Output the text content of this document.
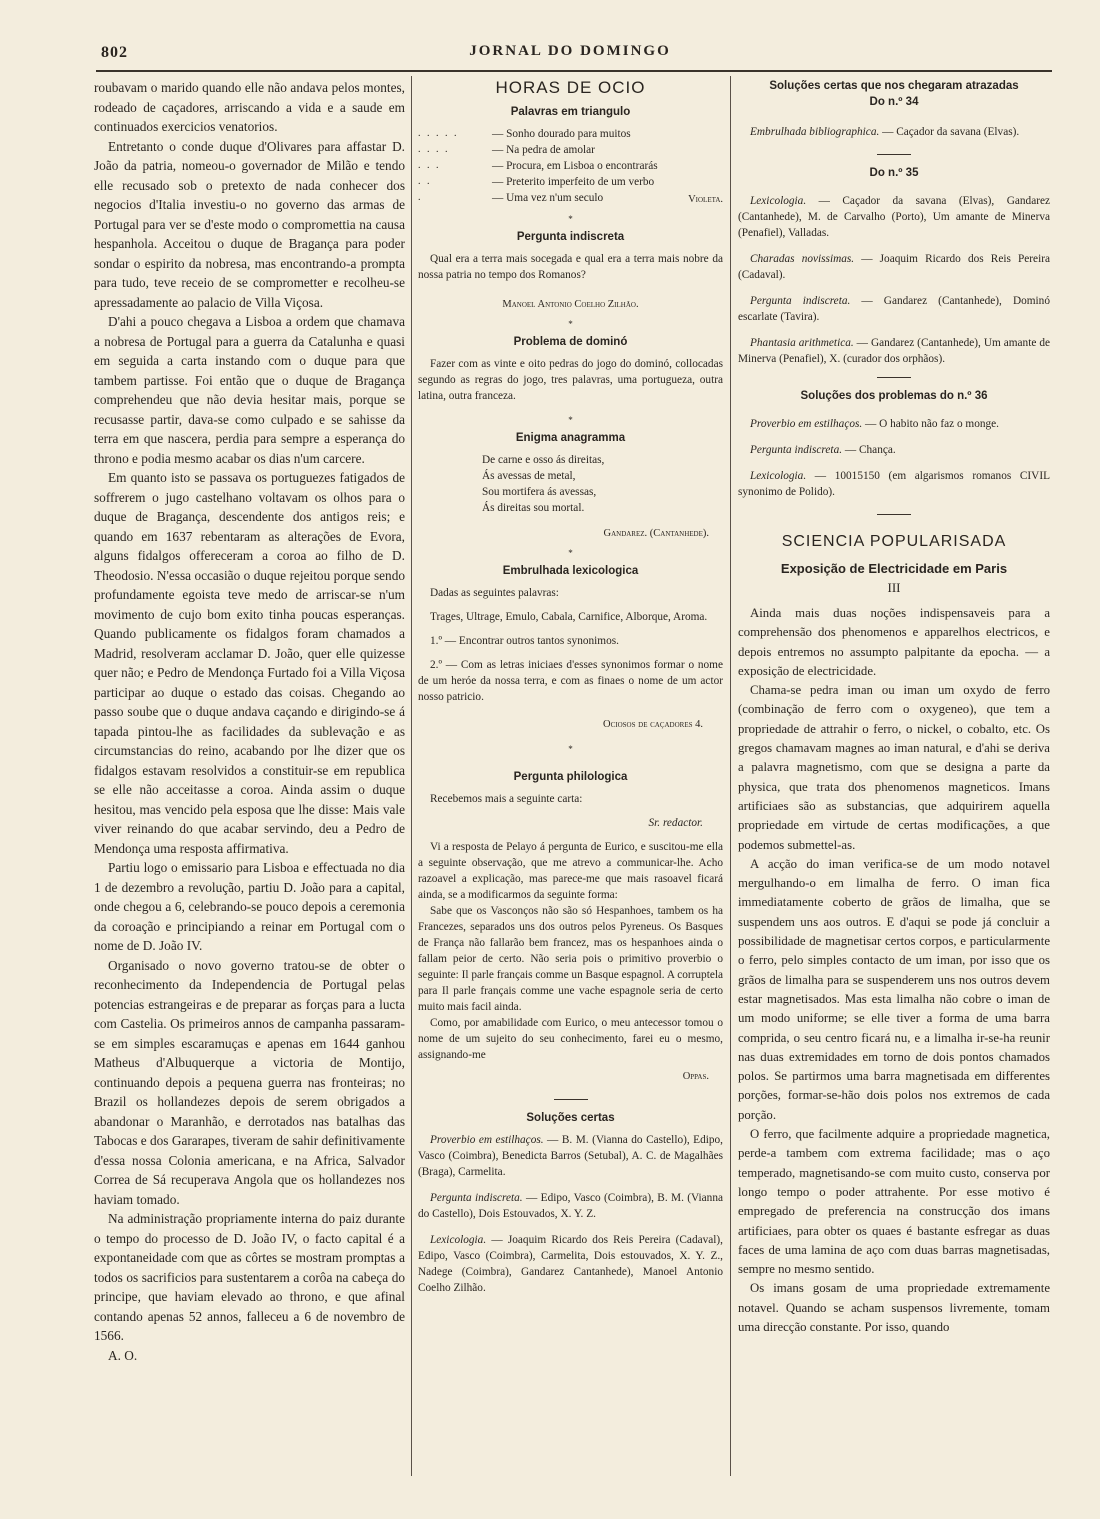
802	JORNAL DO DOMINGO

roubavam o marido quando elle não andava pelos montes, rodeado de caçadores, arriscando a vida e a saude em continuados exercicios venatorios.

Entretanto o conde duque d'Olivares para affastar D. João da patria, nomeou-o governador de Milão e tendo elle recusado sob o pretexto de nada conhecer dos negocios d'Italia investiu-o no governo das armas de Portugal para ver se d'este modo o compromettia na causa hespanhola. Acceitou o duque de Bragança para poder sondar o espirito da nobresa, mas encontrando-a prompta para tudo, teve receio de se comprometter e recolheu-se apressadamente ao palacio de Villa Viçosa.

D'ahi a pouco chegava a Lisboa a ordem que chamava a nobresa de Portugal para a guerra da Catalunha e quasi em seguida a carta instando com o duque para que tambem partisse. Foi então que o duque de Bragança comprehendeu que não devia hesitar mais, porque se recusasse partir, dava-se como culpado e se sahisse da terra em que nascera, perdia para sempre a esperança do throno e podia mesmo acabar os dias n'um carcere.

Em quanto isto se passava os portuguezes fatigados de soffrerem o jugo castelhano voltavam os olhos para o duque de Bragança, descendente dos antigos reis; e quando em 1637 rebentaram as alterações de Evora, alguns fidalgos offereceram a coroa ao filho de D. Theodosio. N'essa occasião o duque rejeitou porque sendo profundamente egoista teve medo de arriscar-se n'um movimento de cujo bom exito tinha poucas esperanças. Quando publicamente os fidalgos foram chamados a Madrid, resolveram acclamar D. João, quer elle quizesse quer não; e Pedro de Mendonça Furtado foi a Villa Viçosa participar ao duque o estado das coisas. Chegando ao passo soube que o duque andava caçando e dirigindo-se á tapada pintou-lhe as facilidades da sublevação e as circumstancias do reino, acabando por lhe dizer que os fidalgos estavam resolvidos a constituir-se em republica se elle não acceitasse a coroa. Ainda assim o duque hesitou, mas vencido pela esposa que lhe disse: Mais vale viver reinando do que acabar servindo, deu a Pedro de Mendonça uma resposta affirmativa.

Partiu logo o emissario para Lisboa e effectuada no dia 1 de dezembro a revolução, partiu D. João para a capital, onde chegou a 6, celebrando-se pouco depois a ceremonia da coroação e principiando a reinar em Portugal com o nome de D. João IV.

Organisado o novo governo tratou-se de obter o reconhecimento da Independencia de Portugal pelas potencias estrangeiras e de preparar as forças para a lucta com Castelia. Os primeiros annos de campanha passaram-se em simples escaramuças e apenas em 1644 ganhou Matheus d'Albuquerque a victoria de Montijo, continuando depois a pequena guerra nas fronteiras; no Brazil os hollandezes depois de serem obrigados a abandonar o Maranhão, e derrotados nas batalhas das Tabocas e dos Gararapes, tiveram de sahir definitivamente d'essa nossa Colonia americana, e na Africa, Salvador Correa de Sá recuperava Angola que os hollandezes nos haviam tomado.

Na administração propriamente interna do paiz durante o tempo do processo de D. João IV, o facto capital é a expontaneidade com que as côrtes se mostram promptas a todos os sacrificios para sustentarem a corôa na cabeça do principe, que haviam elevado ao throno, e que afinal contando apenas 52 annos, falleceu a 6 de novembro de 1566.

A. O.

HORAS DE OCIO
Palavras em triangulo
. . . . .	— Sonho dourado para muitos
. . . .	— Na pedra de amolar
. . .	— Procura, em Lisboa o encontrarás
. .	— Preterito imperfeito de um verbo
.	— Uma vez n'um seculo	Violeta.
*
Pergunta indiscreta

Qual era a terra mais socegada e qual era a terra mais nobre da nossa patria no tempo dos Romanos?

Manoel Antonio Coelho Zilhão.
*
Problema de dominó

Fazer com as vinte e oito pedras do jogo do dominó, collocadas segundo as regras do jogo, tres palavras, uma portugueza, outra latina, outra franceza.

*
Enigma anagramma
De carne e osso ás direitas,
Ás avessas de metal,
Sou mortifera ás avessas,
Ás direitas sou mortal.
Gandarez. (Cantanhede).
*
Embrulhada lexicologica

Dadas as seguintes palavras:

Trages, Ultrage, Emulo, Cabala, Carnifice, Alborque, Aroma.

1.º — Encontrar outros tantos synonimos.

2.º — Com as letras iniciaes d'esses synonimos formar o nome de um heróe da nossa terra, e com as finaes o nome de um actor nosso patricio.

Ociosos de caçadores 4.
*
Pergunta philologica

Recebemos mais a seguinte carta:

Sr. redactor.

Vi a resposta de Pelayo á pergunta de Eurico, e suscitou-me ella a seguinte observação, que me atrevo a communicar-lhe. Acho razoavel a explicação, mas parece-me que mais rasoavel ficará ainda, se a modificarmos da seguinte forma:

Sabe que os Vasconços não são só Hespanhoes, tambem os ha Francezes, separados uns dos outros pelos Pyreneus. Os Basques de França não fallarão bem francez, mas os hespanhoes ainda o fallam peior de certo. Não seria pois o primitivo proverbio o seguinte: Il parle français comme un Basque espagnol. A corruptela para Il parle français comme une vache espagnole seria de certo muito mais facil ainda.

Como, por amabilidade com Eurico, o meu antecessor tomou o nome de um sujeito do seu conhecimento, farei eu o mesmo, assignando-me

Oppas.
Soluções certas

Proverbio em estilhaços. — B. M. (Vianna do Castello), Edipo, Vasco (Coimbra), Benedicta Barros (Setubal), A. C. de Magalhães (Braga), Carmelita.

Pergunta indiscreta. — Edipo, Vasco (Coimbra), B. M. (Vianna do Castello), Dois Estouvados, X. Y. Z.

Lexicologia. — Joaquim Ricardo dos Reis Pereira (Cadaval), Edipo, Vasco (Coimbra), Carmelita, Dois estouvados, X. Y. Z., Nadege (Coimbra), Gandarez Cantanhede), Manoel Antonio Coelho Zilhão.

Soluções certas que nos chegaram atrazadas
Do n.º 34

Embrulhada bibliographica. — Caçador da savana (Elvas).

Do n.º 35

Lexicologia. — Caçador da savana (Elvas), Gandarez (Cantanhede), M. de Carvalho (Porto), Um amante de Minerva (Penafiel), Valladas.

Charadas novissimas. — Joaquim Ricardo dos Reis Pereira (Cadaval).

Pergunta indiscreta. — Gandarez (Cantanhede), Dominó escarlate (Tavira).

Phantasia arithmetica. — Gandarez (Cantanhede), Um amante de Minerva (Penafiel), X. (curador dos orphãos).

Soluções dos problemas do n.º 36

Proverbio em estilhaços. — O habito não faz o monge.

Pergunta indiscreta. — Chança.

Lexicologia. — 10015150 (em algarismos romanos CIVIL synonimo de Polido).

SCIENCIA POPULARISADA
Exposição de Electricidade em Paris
III

Ainda mais duas noções indispensaveis para a comprehensão dos phenomenos e apparelhos electricos, e depois entremos no assumpto palpitante da epocha. — a exposição de electricidade.

Chama-se pedra iman ou iman um oxydo de ferro (combinação de ferro com o oxygeneo), que tem a propriedade de attrahir o ferro, o nickel, o cobalto, etc. Os gregos chamavam magnes ao iman natural, e d'ahi se deriva a palavra magnetismo, com que se designa a parte da physica, que trata dos phenomenos magneticos. Imans artificiaes são as substancias, que adquirirem aquella propriedade em virtude de certas modificações, a que podemos submettel-as.

A acção do iman verifica-se de um modo notavel mergulhando-o em limalha de ferro. O iman fica immediatamente coberto de grãos de limalha, que se suspendem uns aos outros. E d'aqui se pode já concluir a possibilidade de magnetisar certos corpos, e particularmente o ferro, pelo simples contacto de um iman, por isso que os grãos de limalha para se suspenderem uns nos outros devem estar magnetisados. Mas esta limalha não cobre o iman de um modo uniforme; se elle tiver a forma de uma barra comprida, o seu centro ficará nu, e a limalha ir-se-ha reunir nas duas extremidades em torno de dois pontos chamados polos. Se partirmos uma barra magnetisada em differentes porções, formar-se-hão dois polos nos extremos de cada porção.

O ferro, que facilmente adquire a propriedade magnetica, perde-a tambem com extrema facilidade; mas o aço temperado, magnetisando-se com muito custo, conserva por longo tempo o poder attrahente. Por esse motivo é empregado de preferencia na construcção dos imans artificiaes, para obter os quaes é bastante esfregar as duas faces de uma lamina de aço com duas barras magnetisadas, sempre no mesmo sentido.

Os imans gosam de uma propriedade extremamente notavel. Quando se acham suspensos livremente, tomam uma direcção constante. Por isso, quando
